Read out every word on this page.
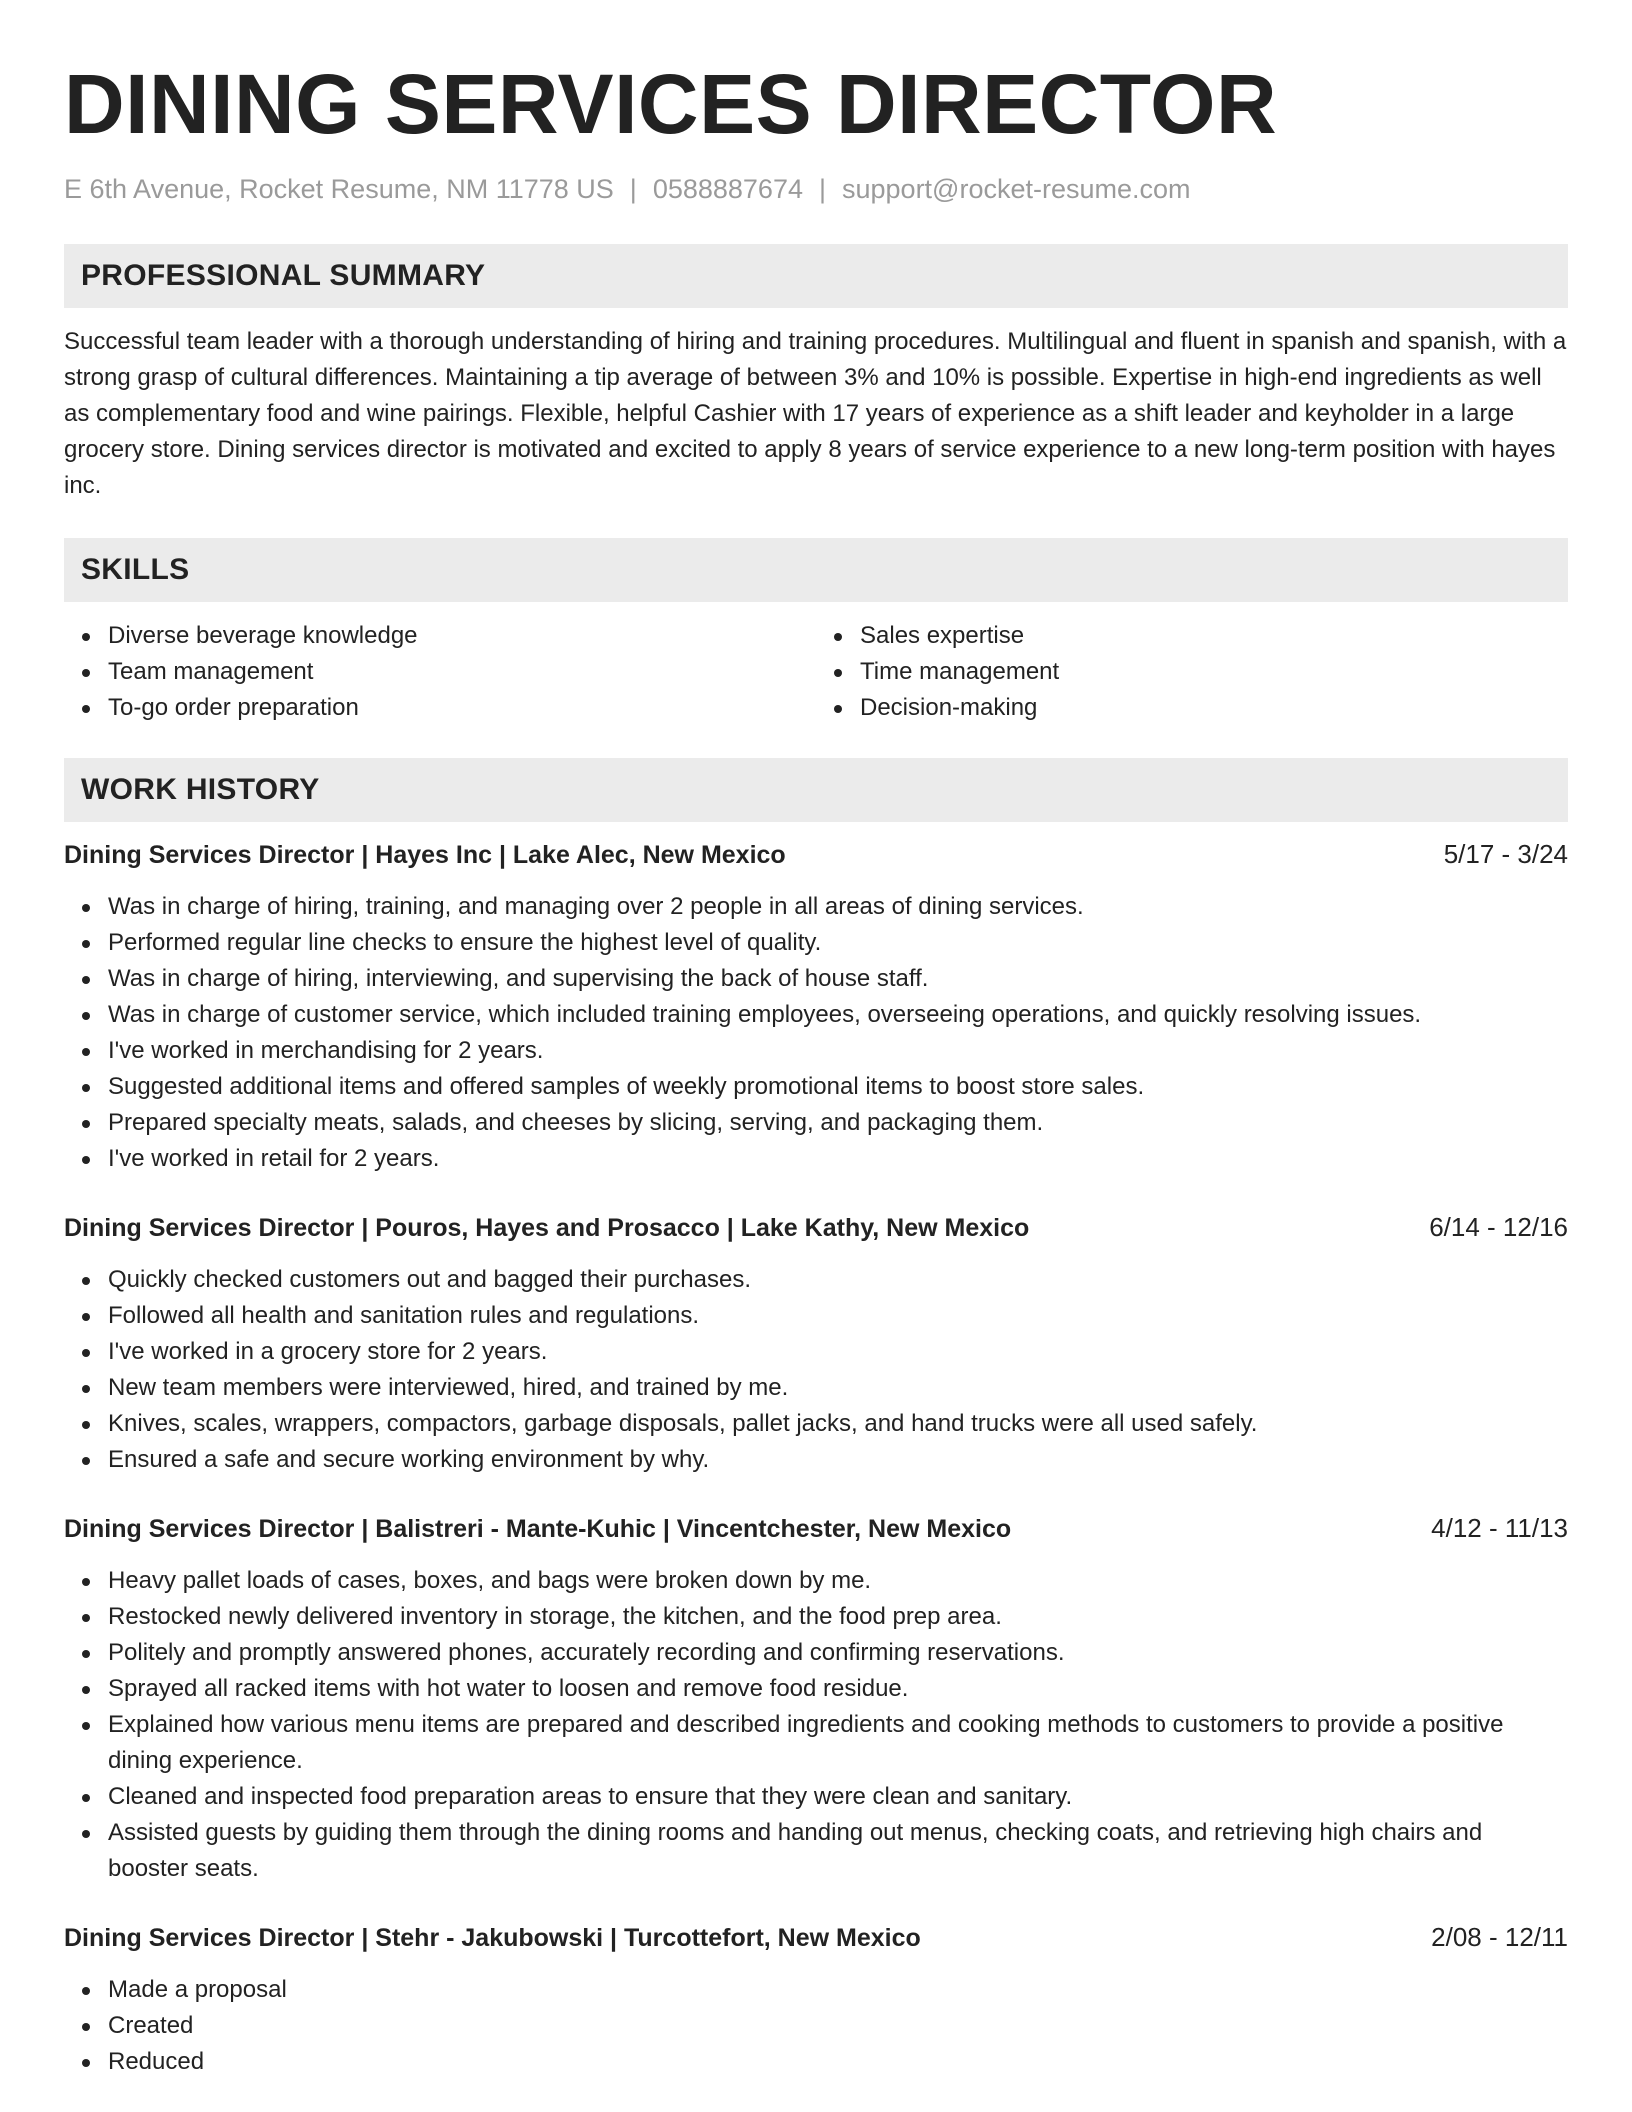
DINING SERVICES DIRECTOR
E 6th Avenue, Rocket Resume, NM 11778 US | 0588887674 | support@rocket-resume.com
PROFESSIONAL SUMMARY

Successful team leader with a thorough understanding of hiring and training procedures. Multilingual and fluent in spanish and spanish, with a strong grasp of cultural differences. Maintaining a tip average of between 3% and 10% is possible. Expertise in high-end ingredients as well as complementary food and wine pairings. Flexible, helpful Cashier with 17 years of experience as a shift leader and keyholder in a large grocery store. Dining services director is motivated and excited to apply 8 years of service experience to a new long-term position with hayes inc.

SKILLS
Diverse beverage knowledge
Team management
To-go order preparation
Sales expertise
Time management
Decision-making
WORK HISTORY
Dining Services Director | Hayes Inc | Lake Alec, New Mexico	5/17 - 3/24
Was in charge of hiring, training, and managing over 2 people in all areas of dining services.
Performed regular line checks to ensure the highest level of quality.
Was in charge of hiring, interviewing, and supervising the back of house staff.
Was in charge of customer service, which included training employees, overseeing operations, and quickly resolving issues.
I've worked in merchandising for 2 years.
Suggested additional items and offered samples of weekly promotional items to boost store sales.
Prepared specialty meats, salads, and cheeses by slicing, serving, and packaging them.
I've worked in retail for 2 years.
Dining Services Director | Pouros, Hayes and Prosacco | Lake Kathy, New Mexico	6/14 - 12/16
Quickly checked customers out and bagged their purchases.
Followed all health and sanitation rules and regulations.
I've worked in a grocery store for 2 years.
New team members were interviewed, hired, and trained by me.
Knives, scales, wrappers, compactors, garbage disposals, pallet jacks, and hand trucks were all used safely.
Ensured a safe and secure working environment by why.
Dining Services Director | Balistreri - Mante-Kuhic | Vincentchester, New Mexico	4/12 - 11/13
Heavy pallet loads of cases, boxes, and bags were broken down by me.
Restocked newly delivered inventory in storage, the kitchen, and the food prep area.
Politely and promptly answered phones, accurately recording and confirming reservations.
Sprayed all racked items with hot water to loosen and remove food residue.
Explained how various menu items are prepared and described ingredients and cooking methods to customers to provide a positive dining experience.
Cleaned and inspected food preparation areas to ensure that they were clean and sanitary.
Assisted guests by guiding them through the dining rooms and handing out menus, checking coats, and retrieving high chairs and booster seats.
Dining Services Director | Stehr - Jakubowski | Turcottefort, New Mexico	2/08 - 12/11
Made a proposal
Created
Reduced
